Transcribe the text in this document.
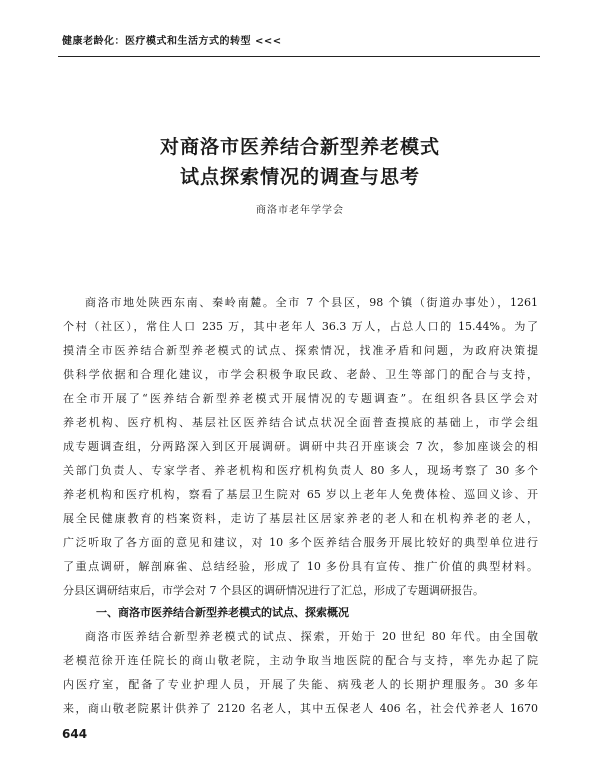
健康老龄化：医疗模式和生活方式的转型 <<<
对商洛市医养结合新型养老模式
试点探索情况的调查与思考
商洛市老年学学会
商洛市地处陕西东南、秦岭南麓。全市 7 个县区，98 个镇（街道办事处），1261
个村（社区），常住人口 235 万，其中老年人 36.3 万人，占总人口的 15.44%。为了
摸清全市医养结合新型养老模式的试点、探索情况，找准矛盾和问题，为政府决策提
供科学依据和合理化建议，市学会积极争取民政、老龄、卫生等部门的配合与支持，
在全市开展了“医养结合新型养老模式开展情况的专题调查”。在组织各县区学会对
养老机构、医疗机构、基层社区医养结合试点状况全面普查摸底的基础上，市学会组
成专题调查组，分两路深入到区开展调研。调研中共召开座谈会 7 次，参加座谈会的相
关部门负责人、专家学者、养老机构和医疗机构负责人 80 多人，现场考察了 30 多个
养老机构和医疗机构，察看了基层卫生院对 65 岁以上老年人免费体检、巡回义诊、开
展全民健康教育的档案资料，走访了基层社区居家养老的老人和在机构养老的老人，
广泛听取了各方面的意见和建议，对 10 多个医养结合服务开展比较好的典型单位进行
了重点调研，解剖麻雀、总结经验，形成了 10 多份具有宣传、推广价值的典型材料。
分县区调研结束后，市学会对 7 个县区的调研情况进行了汇总，形成了专题调研报告。
一、商洛市医养结合新型养老模式的试点、探索概况
商洛市医养结合新型养老模式的试点、探索，开始于 20 世纪 80 年代。由全国敬
老模范徐开连任院长的商山敬老院，主动争取当地医院的配合与支持，率先办起了院
内医疗室，配备了专业护理人员，开展了失能、病残老人的长期护理服务。30 多年
来，商山敬老院累计供养了 2120 名老人，其中五保老人 406 名，社会代养老人 1670
644
